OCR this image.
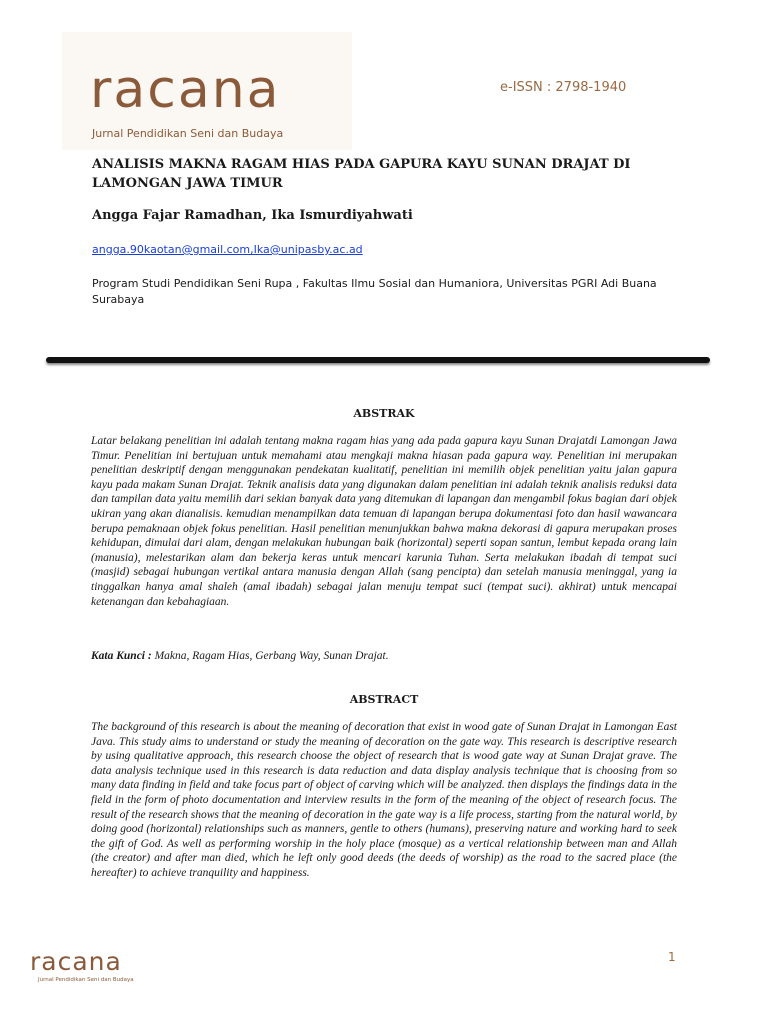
racana
Jurnal Pendidikan Seni dan Budaya
e-ISSN : 2798-1940
ANALISIS MAKNA RAGAM HIAS PADA GAPURA KAYU SUNAN DRAJAT DI LAMONGAN JAWA TIMUR
Angga Fajar Ramadhan, Ika Ismurdiyahwati
angga.90kaotan@gmail.com,Ika@unipasby.ac.ad
Program Studi Pendidikan Seni Rupa , Fakultas Ilmu Sosial dan Humaniora, Universitas PGRI Adi Buana Surabaya
ABSTRAK
Latar belakang penelitian ini adalah tentang makna ragam hias yang ada pada gapura kayu Sunan Drajatdi Lamongan Jawa Timur. Penelitian ini bertujuan untuk memahami atau mengkaji makna hiasan pada gapura way. Penelitian ini merupakan penelitian deskriptif dengan menggunakan pendekatan kualitatif, penelitian ini memilih objek penelitian yaitu jalan gapura kayu pada makam Sunan Drajat. Teknik analisis data yang digunakan dalam penelitian ini adalah teknik analisis reduksi data dan tampilan data yaitu memilih dari sekian banyak data yang ditemukan di lapangan dan mengambil fokus bagian dari objek ukiran yang akan dianalisis. kemudian menampilkan data temuan di lapangan berupa dokumentasi foto dan hasil wawancara berupa pemaknaan objek fokus penelitian. Hasil penelitian menunjukkan bahwa makna dekorasi di gapura merupakan proses kehidupan, dimulai dari alam, dengan melakukan hubungan baik (horizontal) seperti sopan santun, lembut kepada orang lain (manusia), melestarikan alam dan bekerja keras untuk mencari karunia Tuhan. Serta melakukan ibadah di tempat suci (masjid) sebagai hubungan vertikal antara manusia dengan Allah (sang pencipta) dan setelah manusia meninggal, yang ia tinggalkan hanya amal shaleh (amal ibadah) sebagai jalan menuju tempat suci (tempat suci). akhirat) untuk mencapai ketenangan dan kebahagiaan.
Kata Kunci : Makna, Ragam Hias, Gerbang Way, Sunan Drajat.
ABSTRACT
The background of this research is about the meaning of decoration that exist in wood gate of Sunan Drajat in Lamongan East Java. This study aims to understand or study the meaning of decoration on the gate way. This research is descriptive research by using qualitative approach, this research choose the object of research that is wood gate way at Sunan Drajat grave. The data analysis technique used in this research is data reduction and data display analysis technique that is choosing from so many data finding in field and take focus part of object of carving which will be analyzed. then displays the findings data in the field in the form of photo documentation and interview results in the form of the meaning of the object of research focus. The result of the research shows that the meaning of decoration in the gate way is a life process, starting from the natural world, by doing good (horizontal) relationships such as manners, gentle to others (humans), preserving nature and working hard to seek the gift of God. As well as performing worship in the holy place (mosque) as a vertical relationship between man and Allah (the creator) and after man died, which he left only good deeds (the deeds of worship) as the road to the sacred place (the hereafter) to achieve tranquility and happiness.
racana
Jurnal Pendidikan Seni dan Budaya
1
